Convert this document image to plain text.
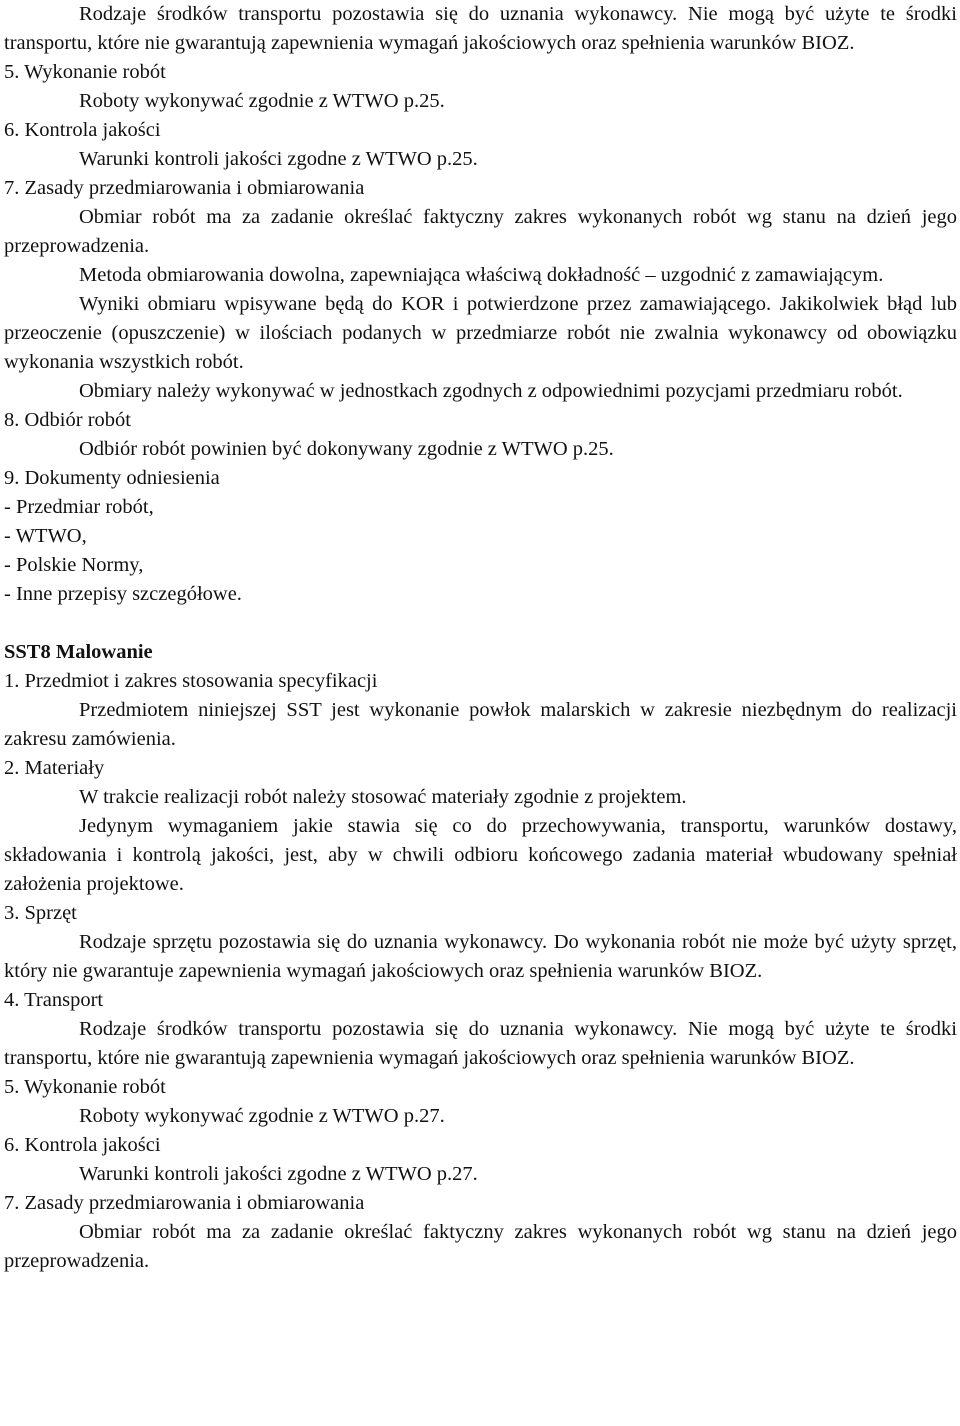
Rodzaje środków transportu pozostawia się do uznania wykonawcy. Nie mogą być użyte te środki transportu, które nie gwarantują zapewnienia wymagań jakościowych oraz spełnienia warunków BIOZ.

5. Wykonanie robót

Roboty wykonywać zgodnie z WTWO p.25.

6. Kontrola jakości

Warunki kontroli jakości zgodne z WTWO p.25.

7. Zasady przedmiarowania i obmiarowania

Obmiar robót ma za zadanie określać faktyczny zakres wykonanych robót wg stanu na dzień jego przeprowadzenia.

Metoda obmiarowania dowolna, zapewniająca właściwą dokładność – uzgodnić z zamawiającym.

Wyniki obmiaru wpisywane będą do KOR i potwierdzone przez zamawiającego. Jakikolwiek błąd lub przeoczenie (opuszczenie) w ilościach podanych w przedmiarze robót nie zwalnia wykonawcy od obowiązku wykonania wszystkich robót.

Obmiary należy wykonywać w jednostkach zgodnych z odpowiednimi pozycjami przedmiaru robót.

8. Odbiór robót

Odbiór robót powinien być dokonywany zgodnie z WTWO p.25.

9. Dokumenty odniesienia

- Przedmiar robót,

- WTWO,

- Polskie Normy,

- Inne przepisy szczegółowe.

SST8 Malowanie

1. Przedmiot i zakres stosowania specyfikacji

Przedmiotem niniejszej SST jest wykonanie powłok malarskich w zakresie niezbędnym do realizacji zakresu zamówienia.

2. Materiały

W trakcie realizacji robót należy stosować materiały zgodnie z projektem.

Jedynym wymaganiem jakie stawia się co do przechowywania, transportu, warunków dostawy, składowania i kontrolą jakości, jest, aby w chwili odbioru końcowego zadania materiał wbudowany spełniał założenia projektowe.

3. Sprzęt

Rodzaje sprzętu pozostawia się do uznania wykonawcy. Do wykonania robót nie może być użyty sprzęt, który nie gwarantuje zapewnienia wymagań jakościowych oraz spełnienia warunków BIOZ.

4. Transport

Rodzaje środków transportu pozostawia się do uznania wykonawcy. Nie mogą być użyte te środki transportu, które nie gwarantują zapewnienia wymagań jakościowych oraz spełnienia warunków BIOZ.

5. Wykonanie robót

Roboty wykonywać zgodnie z WTWO p.27.

6. Kontrola jakości

Warunki kontroli jakości zgodne z WTWO p.27.

7. Zasady przedmiarowania i obmiarowania

Obmiar robót ma za zadanie określać faktyczny zakres wykonanych robót wg stanu na dzień jego przeprowadzenia.
